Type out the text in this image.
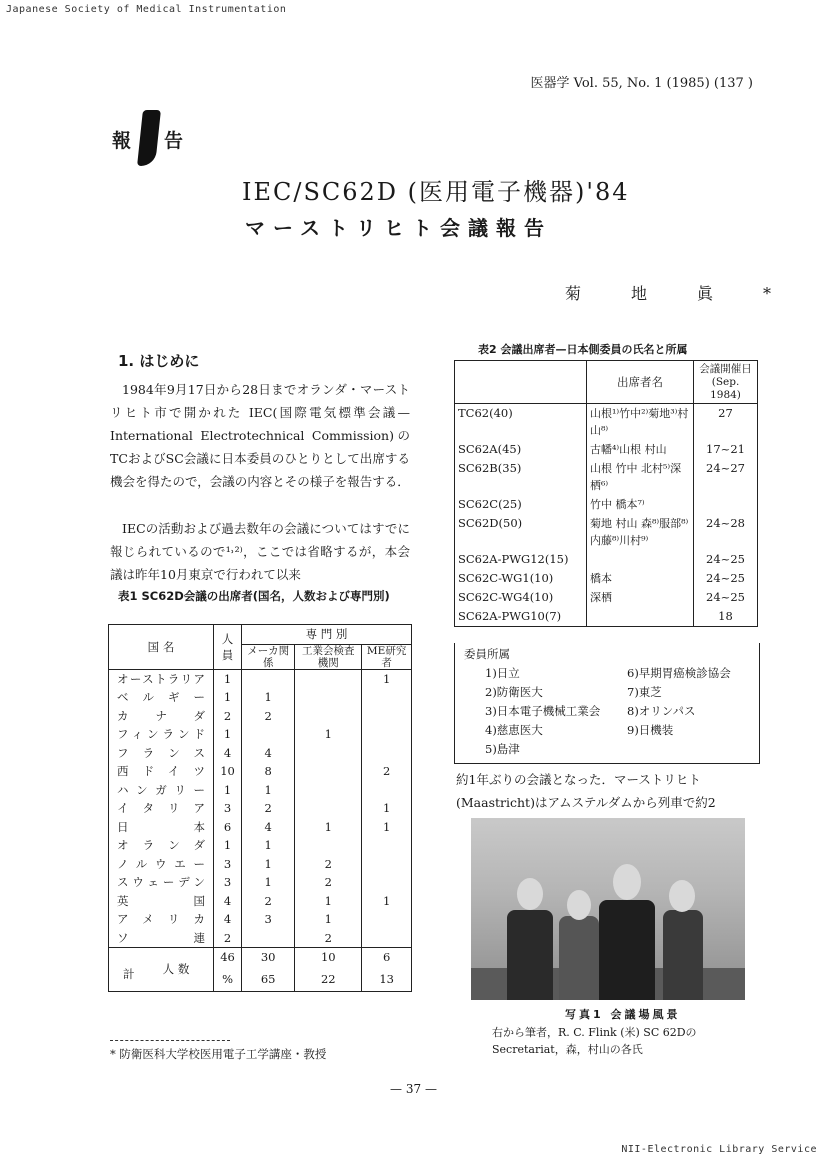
Japanese Society of Medical Instrumentation
医器学 Vol. 55, No. 1 (1985) (137 )
報 告
IEC/SC62D (医用電子機器)'84
マーストリヒト会議報告
菊地眞*
1. はじめに
1984年9月17日から28日までオランダ・マーストリヒト市で開かれた IEC(国際電気標準会議—International Electrotechnical Commission)のTCおよびSC会議に日本委員のひとりとして出席する機会を得たので，会議の内容とその様子を報告する．
IECの活動および過去数年の会議についてはすでに報じられているので¹˒²⁾，ここでは省略するが，本会議は昨年10月東京で行われて以来
表1 SC62D会議の出席者(国名，人数および専門別)
国 名	人員	専 門 別		
		メーカ関 係	工業会検査機関	ME研究者
オーストラリア	1			1
ベルギー	1	1		
カナダ	2	2		
フィンランド	1		1	
フランス	4	4		
西ドイツ	10	8		2
ハンガリー	1	1		
イタリア	3	2		1
日本	6	4	1	1
オランダ	1	1		
ノルウエー	3	1	2	
スウェーデン	3	1	2	
英国	4	2	1	1
アメリカ	4	3	1	
ソ連	2		2	

計 人 数	46	30	10	6
	%	65	22	13
* 防衛医科大学校医用電子工学講座・教授
表2 会議出席者—日本側委員の氏名と所属
	出席者名	会議開催日(Sep. 1984)
TC62(40)	山根¹⁾竹中²⁾菊地³⁾村山⁸⁾	27
SC62A(45)	古幡⁴⁾山根 村山	17~21
SC62B(35)	山根 竹中 北村⁵⁾深栖⁶⁾	24~27
SC62C(25)	竹中 橋本⁷⁾	
SC62D(50)	菊地 村山 森⁸⁾服部⁸⁾内藤⁸⁾川村⁹⁾	24~28
SC62A-PWG12(15)		24~25
SC62C-WG1(10)	橋本	24~25
SC62C-WG4(10)	深栖	24~25
SC62A-PWG10(7)		18
委員所属
1)日立
2)防衛医大
3)日本電子機械工業会
4)慈恵医大
5)島津
6)早期胃癌検診協会
7)東芝
8)オリンパス
9)日機装
約1年ぶりの会議となった．マーストリヒト(Maastricht)はアムステルダムから列車で約2
写真1 会議場風景
右から筆者，R. C. Flink (米) SC 62Dの Secretariat，森，村山の各氏
— 37 —
NII-Electronic Library Service
